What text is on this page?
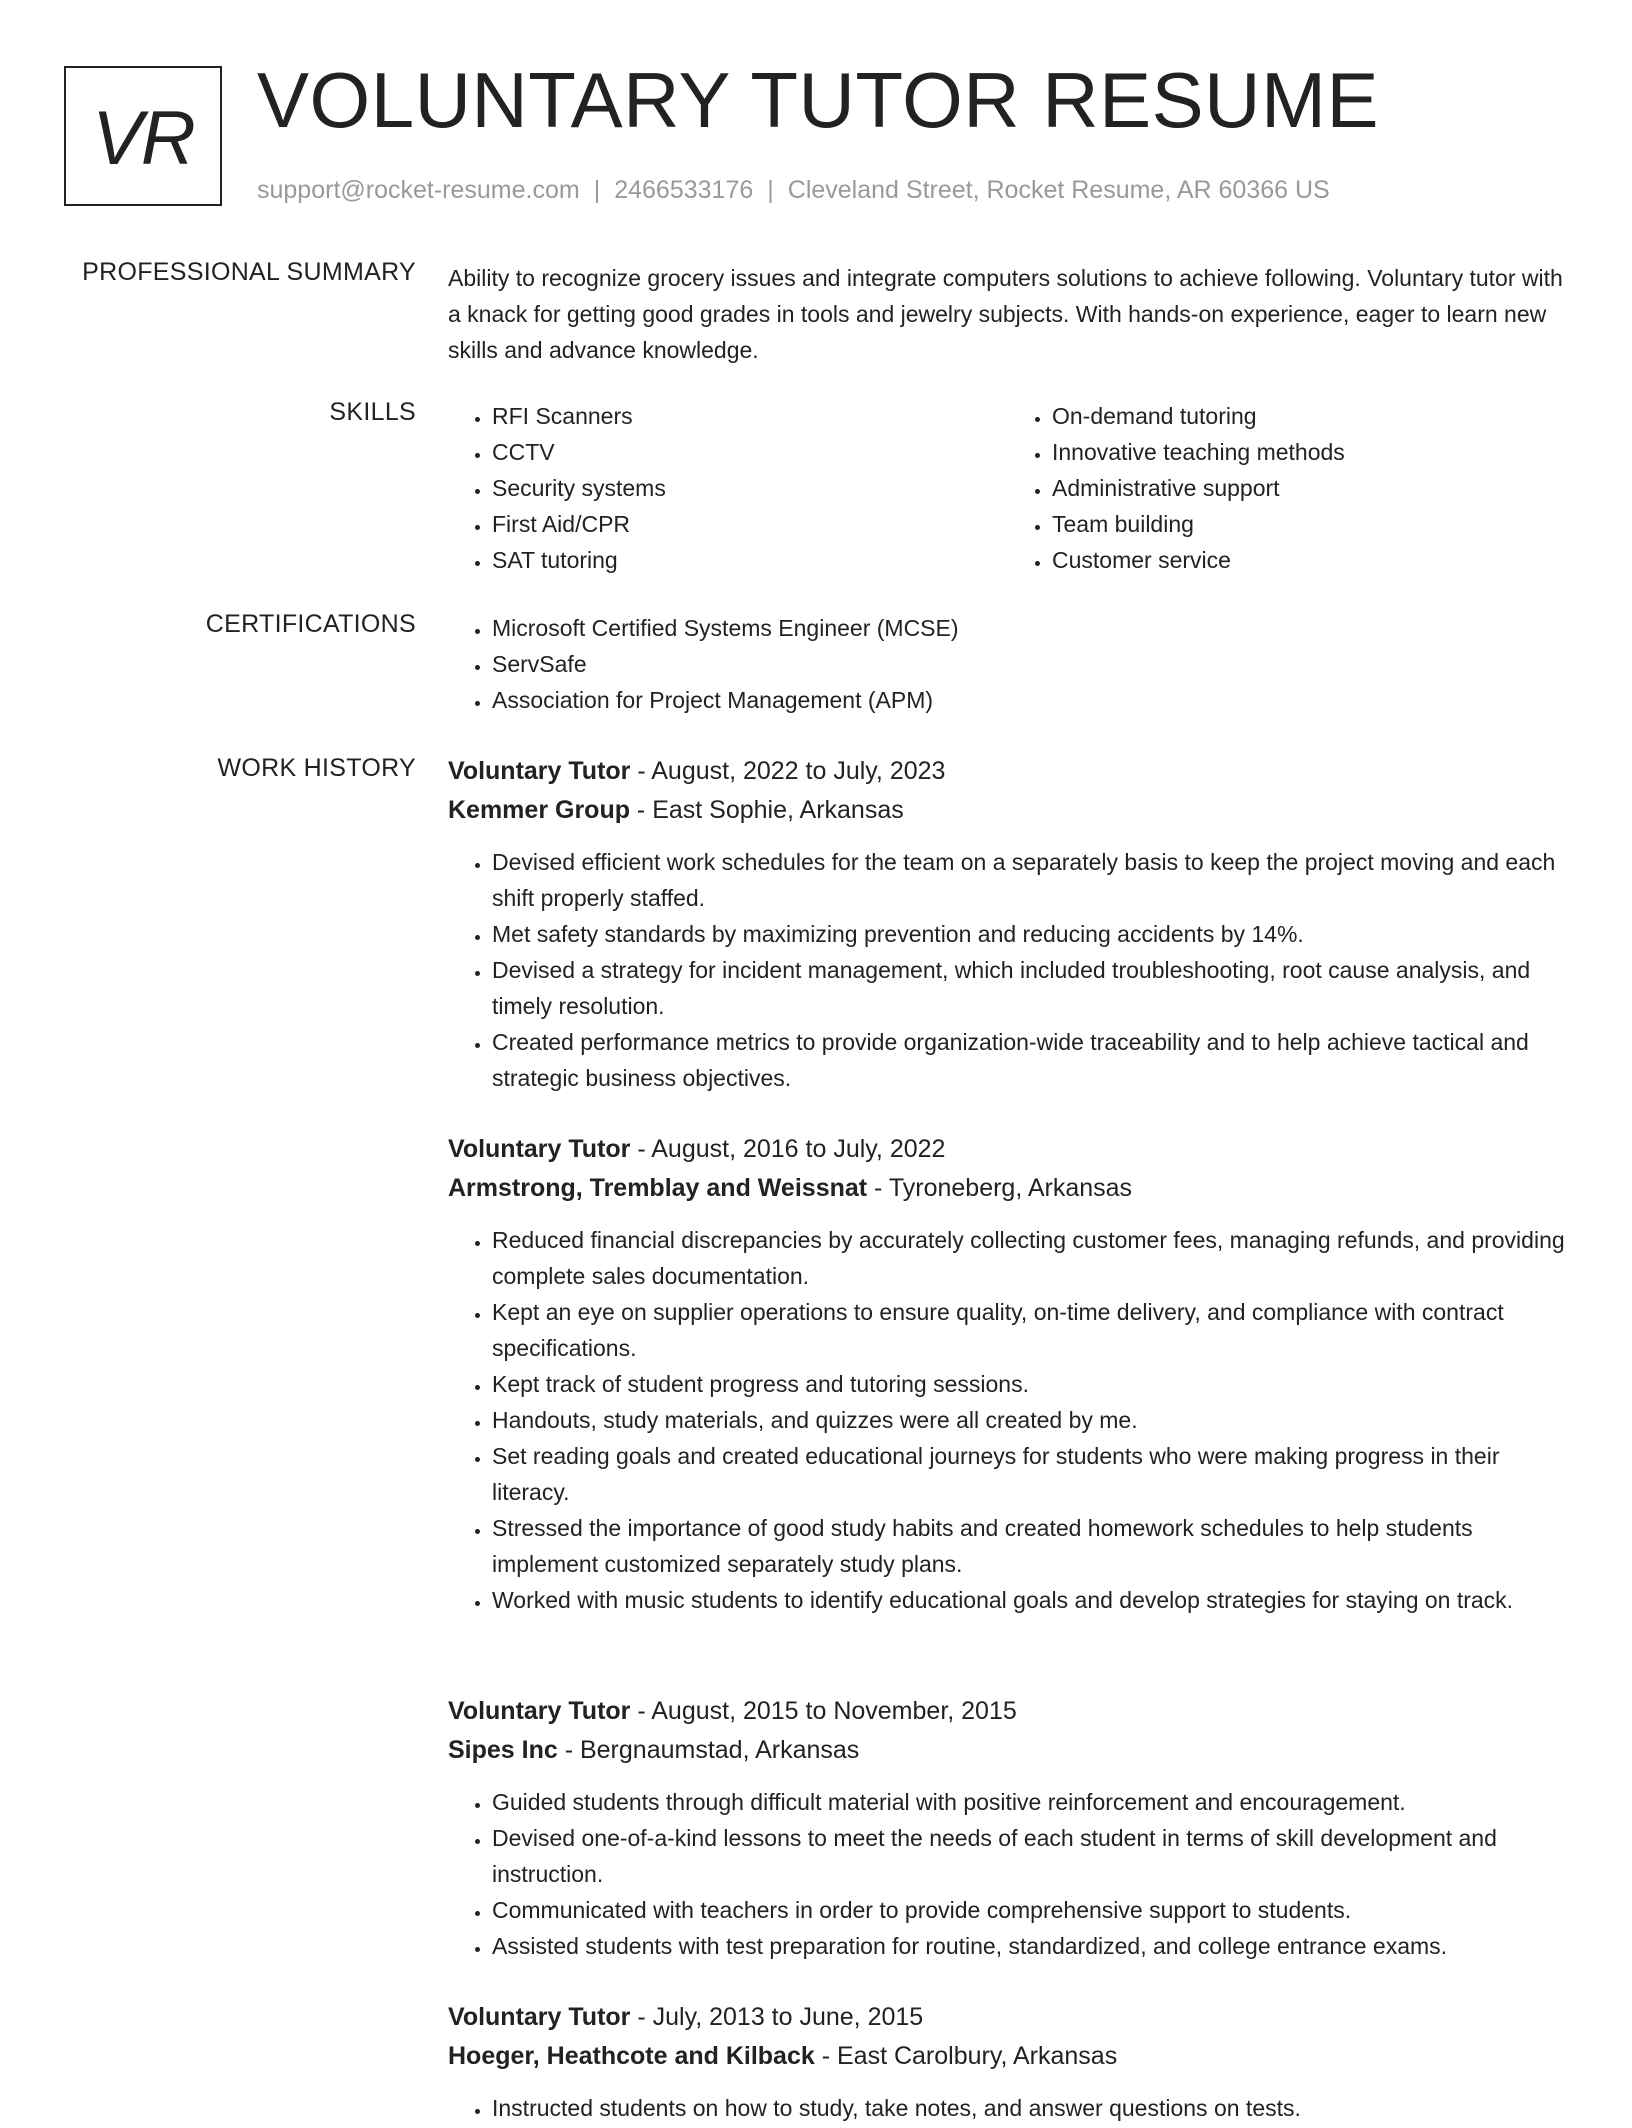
VR VOLUNTARY TUTOR RESUME
support@rocket-resume.com | 2466533176 | Cleveland Street, Rocket Resume, AR 60366 US
PROFESSIONAL SUMMARY Ability to recognize grocery issues and integrate computers solutions to achieve following. Voluntary tutor with a knack for getting good grades in tools and jewelry subjects. With hands-on experience, eager to learn new skills and advance knowledge.

SKILLS	• RFI Scanners
• CCTV
• Security systems
• First Aid/CPR
• SAT tutoring
• On-demand tutoring
• Innovative teaching methods
• Administrative support
• Team building
• Customer service
CERTIFICATIONS	• Microsoft Certified Systems Engineer (MCSE)
• ServSafe
• Association for Project Management (APM)
WORK HISTORY Voluntary Tutor - August, 2022 to July, 2023
Kemmer Group - East Sophie, Arkansas
• Devised efficient work schedules for the team on a separately basis to keep the project moving and each shift properly staffed.
• Met safety standards by maximizing prevention and reducing accidents by 14%.
• Devised a strategy for incident management, which included troubleshooting, root cause analysis, and timely resolution.
• Created performance metrics to provide organization-wide traceability and to help achieve tactical and strategic business objectives.
Voluntary Tutor - August, 2016 to July, 2022
Armstrong, Tremblay and Weissnat - Tyroneberg, Arkansas
• Reduced financial discrepancies by accurately collecting customer fees, managing refunds, and providing complete sales documentation.
• Kept an eye on supplier operations to ensure quality, on-time delivery, and compliance with contract specifications.
• Kept track of student progress and tutoring sessions.
• Handouts, study materials, and quizzes were all created by me.
• Set reading goals and created educational journeys for students who were making progress in their literacy.
• Stressed the importance of good study habits and created homework schedules to help students implement customized separately study plans.
• Worked with music students to identify educational goals and develop strategies for staying on track.
Voluntary Tutor - August, 2015 to November, 2015
Sipes Inc - Bergnaumstad, Arkansas
• Guided students through difficult material with positive reinforcement and encouragement.
• Devised one-of-a-kind lessons to meet the needs of each student in terms of skill development and instruction.
• Communicated with teachers in order to provide comprehensive support to students.
• Assisted students with test preparation for routine, standardized, and college entrance exams.
Voluntary Tutor - July, 2013 to June, 2015
Hoeger, Heathcote and Kilback - East Carolbury, Arkansas
• Instructed students on how to study, take notes, and answer questions on tests.
